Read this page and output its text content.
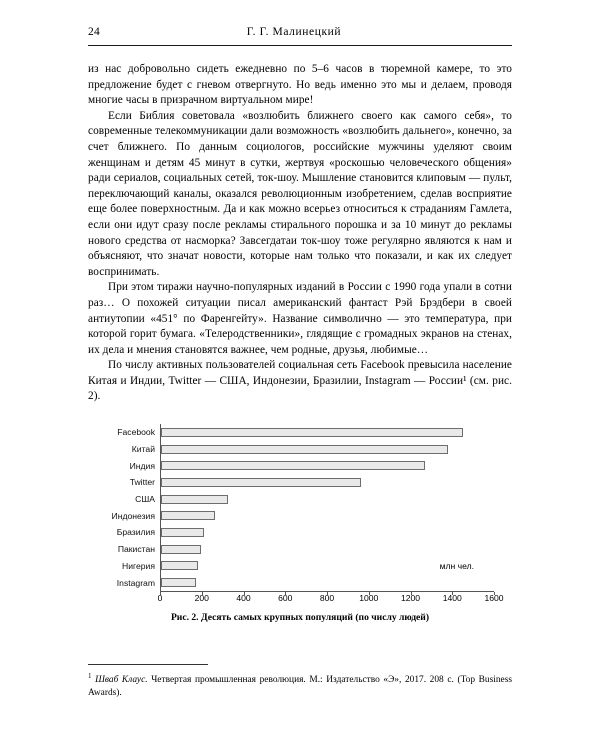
24	Г. Г. Малинецкий

из нас добровольно сидеть ежедневно по 5–6 часов в тюремной камере, то это предложение будет с гневом отвергнуто. Но ведь именно это мы и делаем, проводя многие часы в призрачном виртуальном мире!

Если Библия советовала «возлюбить ближнего своего как самого себя», то современные телекоммуникации дали возможность «возлюбить дальнего», конечно, за счет ближнего. По данным социологов, российские мужчины уделяют своим женщинам и детям 45 минут в сутки, жертвуя «роскошью человеческого общения» ради сериалов, социальных сетей, ток-шоу. Мышление становится клиповым — пульт, переключающий каналы, оказался революционным изобретением, сделав восприятие еще более поверхностным. Да и как можно всерьез относиться к страданиям Гамлета, если они идут сразу после рекламы стирального порошка и за 10 минут до рекламы нового средства от насморка? Завсегдатаи ток-шоу тоже регулярно являются к нам и объясняют, что значат новости, которые нам только что показали, и как их следует воспринимать.

При этом тиражи научно-популярных изданий в России с 1990 года упали в сотни раз… О похожей ситуации писал американский фантаст Рэй Брэдбери в своей антиутопии «451° по Фаренгейту». Название символично — это температура, при которой горит бумага. «Телеродственники», глядящие с громадных экранов на стенах, их дела и мнения становятся важнее, чем родные, друзья, любимые…

По числу активных пользователей социальная сеть Facebook превысила население Китая и Индии, Twitter — США, Индонезии, Бразилии, Instagram — России¹ (см. рис. 2).

Facebook
Китай
Индия
Twitter
США
Индонезия
Бразилия
Пакистан
Нигерия
Instagram
млн чел.
0	200	400	600	800	1000	1200	1400	1600
Рис. 2. Десять самых крупных популяций (по числу людей)
$^1$ Шваб Клаус. Четвертая промышленная революция. М.: Издательство «Э», 2017. 208 с. (Top Business Awards).
